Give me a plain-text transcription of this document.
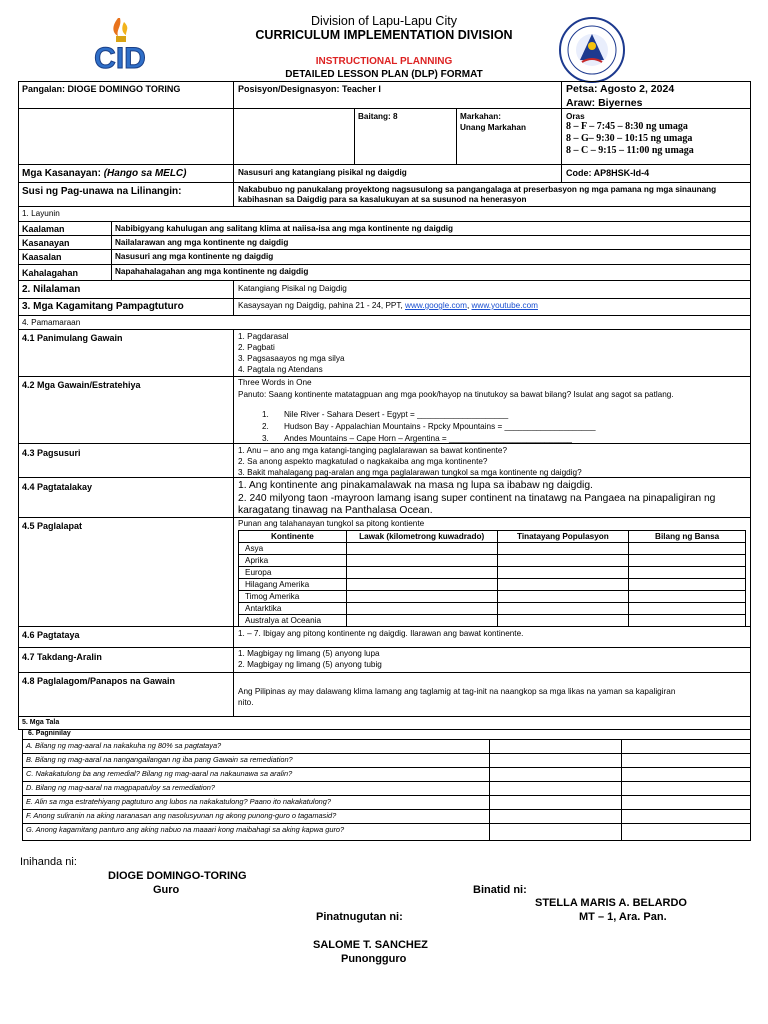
CID
Division of Lapu-Lapu City
CURRICULUM IMPLEMENTATION DIVISION
INSTRUCTIONAL PLANNING
DETAILED LESSON PLAN (DLP) FORMAT
Pangalan: DIOGE DOMINGO TORING	Posisyon/Designasyon: Teacher I	Petsa: Agosto 2, 2024
Araw: Biyernes
Baitang: 8	Markahan:
Unang Markahan
Oras
8 – F – 7:45 – 8:30 ng umaga
8 – G– 9:30 – 10:15 ng umaga
8 – C – 9:15 – 11:00 ng umaga
Mga Kasanayan: (Hango sa MELC)	Nasusuri ang katangiang pisikal ng daigdig	Code: AP8HSK-Id-4
Susi ng Pag-unawa na Lilinangin:	Nakabubuo ng panukalang proyektong nagsusulong sa pangangalaga at preserbasyon ng mga pamana ng mga sinaunang
kabihasnan sa Daigdig para sa kasalukuyan at sa susunod na henerasyon
1. Layunin
Kaalaman	Nabibigyang kahulugan ang salitang klima at naiisa-isa ang mga kontinente ng daigdig
Kasanayan	Nailalarawan ang mga kontinente ng daigdig
Kaasalan	Nasusuri ang mga kontinente ng daigdig
Kahalagahan	Napahahalagahan ang mga kontinente ng daigdig
2. Nilalaman	Katangiang Pisikal ng Daigdig
3. Mga Kagamitang Pampagtuturo	Kasaysayan ng Daigdig, pahina 21 - 24, PPT, www.google.com, www.youtube.com
4. Pamamaraan
4.1 Panimulang Gawain	1. Pagdarasal
2. Pagbati
3. Pagsasaayos ng mga silya
4. Pagtala ng Atendans
4.2 Mga Gawain/Estratehiya	Three Words in One
Panuto: Saang kontinente matatagpuan ang mga pook/hayop na tinutukoy sa bawat bilang? Isulat ang sagot sa patlang.
1. Nile River - Sahara Desert - Egypt = ____________________
2. Hudson Bay - Appalachian Mountains - Rpcky Mpountains = ____________________
3. Andes Mountains – Cape Horn – Argentina = ___________________________
4.3 Pagsusuri	1. Anu – ano ang mga katangi-tanging paglalarawan sa bawat kontinente?
2. Sa anong aspekto magkatulad o nagkakaiba ang mga kontinente?
3. Bakit mahalagang pag-aralan ang mga paglalarawan tungkol sa mga kontinente ng daigdig?
4.4 Pagtatalakay	1. Ang kontinente ang pinakamalawak na masa ng lupa sa ibabaw ng daigdig.
2. 240 milyong taon -mayroon lamang isang super continent na tinatawg na Pangaea na pinapaligiran ng
karagatang tinawag na Panthalasa Ocean.
4.5 Paglalapat	Punan ang talahanayan tungkol sa pitong kontiente
Kontinente	Lawak (kilometrong kuwadrado)	Tinatayang Populasyon	Bilang ng Bansa
Asya			
Aprika			
Europa			
Hilagang Amerika			
Timog Amerika			
Antarktika			
Australya at Oceania			
4.6 Pagtataya	1. – 7. Ibigay ang pitong kontinente ng daigdig. Ilarawan ang bawat kontinente.
4.7 Takdang-Aralin	1. Magbigay ng limang (5) anyong lupa
2. Magbigay ng limang (5) anyong tubig
4.8 Paglalagom/Panapos na Gawain
Ang Pilipinas ay may dalawang klima lamang ang taglamig at tag-init na naangkop sa mga likas na yaman sa kapaligiran
nito.
5. Mga Tala
6. Pagninilay
A. Bilang ng mag-aaral na nakakuha ng 80% sa pagtataya?
B. Bilang ng mag-aaral na nangangailangan ng iba pang Gawain sa remediation?
C. Nakakatulong ba ang remedial? Bilang ng mag-aaral na nakaunawa sa aralin?
D. Bilang ng mag-aaral na magpapatuloy sa remediation?
E. Alin sa mga estratehiyang pagtuturo ang lubos na nakakatulong? Paano ito nakakatulong?
F. Anong suliranin na aking naranasan ang nasolusyunan ng akong punong-guro o tagamasid?
G. Anong kagamitang panturo ang aking nabuo na maaari kong maibahagi sa aking kapwa guro?
Inihanda ni:
DIOGE DOMINGO-TORING
Guro	Binatid ni:
STELLA MARIS A. BELARDO
MT – 1, Ara. Pan.
Pinatnugutan ni:
SALOME T. SANCHEZ
Punongguro
